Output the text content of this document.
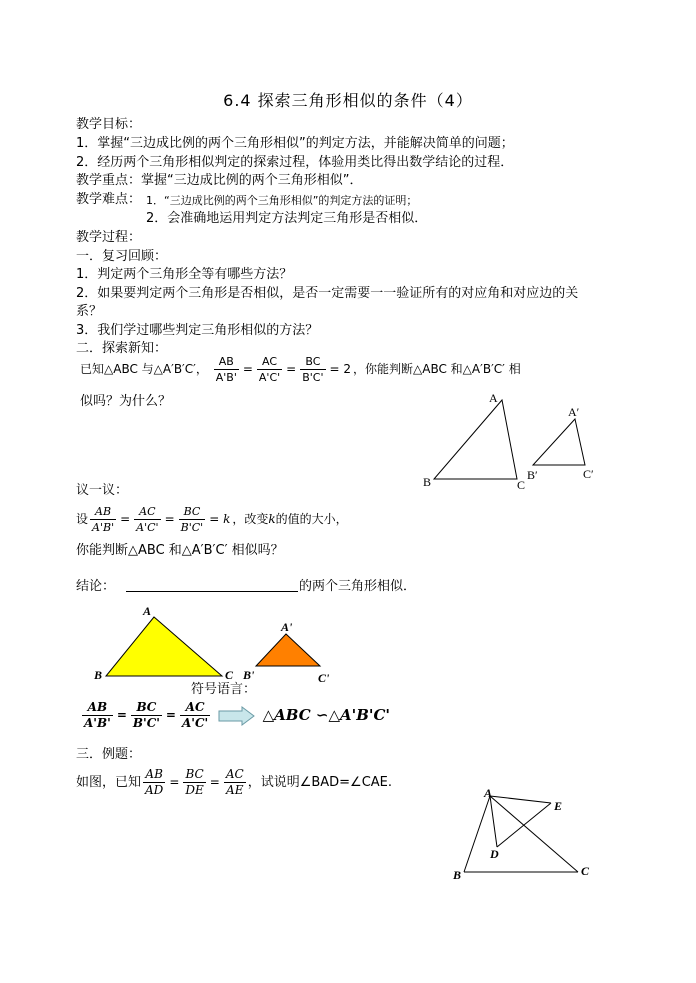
6.4 探索三角形相似的条件（4）
教学目标：
1．掌握“三边成比例的两个三角形相似”的判定方法，并能解决简单的问题；
2．经历两个三角形相似判定的探索过程，体验用类比得出数学结论的过程．
教学重点：掌握“三边成比例的两个三角形相似”．
教学难点： 1．“三边成比例的两个三角形相似”的判定方法的证明；
2．会准确地运用判定方法判定三角形是否相似．
教学过程：
一．复习回顾：
1．判定两个三角形全等有哪些方法？
2．如果要判定两个三角形是否相似，是否一定需要一一验证所有的对应角和对应边的关
系？
3．我们学过哪些判定三角形相似的方法？
二．探索新知：
已知△ABC 与△A′B′C′， $\frac{AB}{A'B'} = \frac{AC}{A'C'} = \frac{BC}{B'C'} = 2$ ，你能判断△ABC 和△A′B′C′ 相
似吗？为什么？	A
B	C
A′
B′	C′
议一议：
设 $\frac{AB}{A'B'} = \frac{AC}{A'C'} = \frac{BC}{B'C'} = k$ ，改变k的值的大小，
你能判断△ABC 和△A′B′C′ 相似吗？
结论：	的两个三角形相似．
A
B	C
A'
B'	C'
符号语言：
$\frac{AB}{A'B'} = \frac{BC}{B'C'} = \frac{AC}{A'C'}$	△ABC ∽△A'B'C'
三．例题：
如图，已知 $\frac{AB}{AD} = \frac{BC}{DE} = \frac{AC}{AE}$ ，试说明∠BAD=∠CAE.
A
B	C
D
E
